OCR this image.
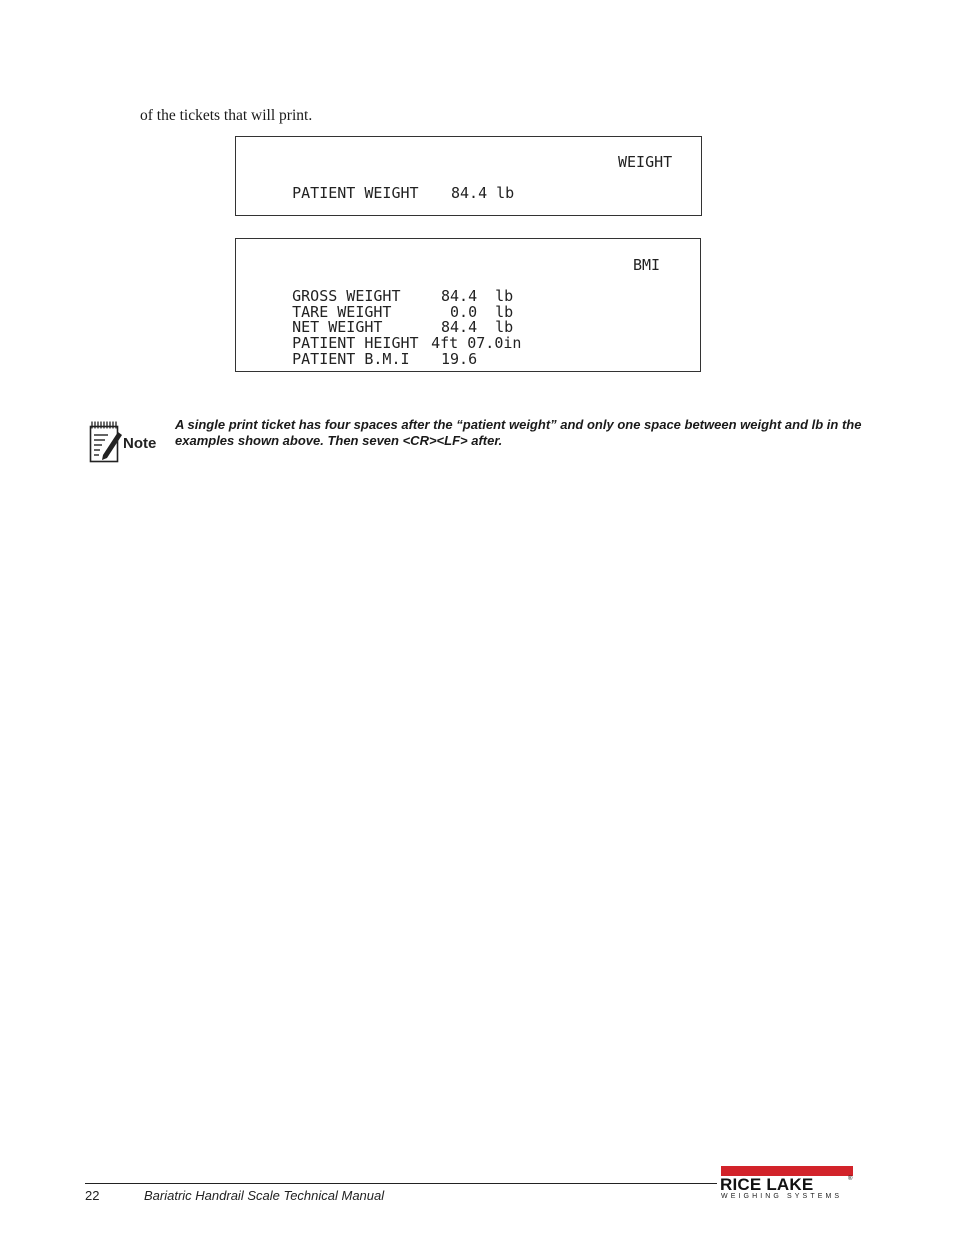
of the tickets that will print.

WEIGHT

PATIENT WEIGHT 84.4 lb

BMI

GROSS WEIGHT	84.4 lb

TARE WEIGHT	0.0 lb

NET WEIGHT	84.4 lb

PATIENT HEIGHT 4ft 07.0in

PATIENT B.M.I 19.6

Note

A single print ticket has four spaces after the “patient weight” and only one space between weight and lb in the examples shown above. Then seven <CR><LF> after.

22	Bariatric Handrail Scale Technical Manual
RICE LAKE	®
WEIGHING SYSTEMS
